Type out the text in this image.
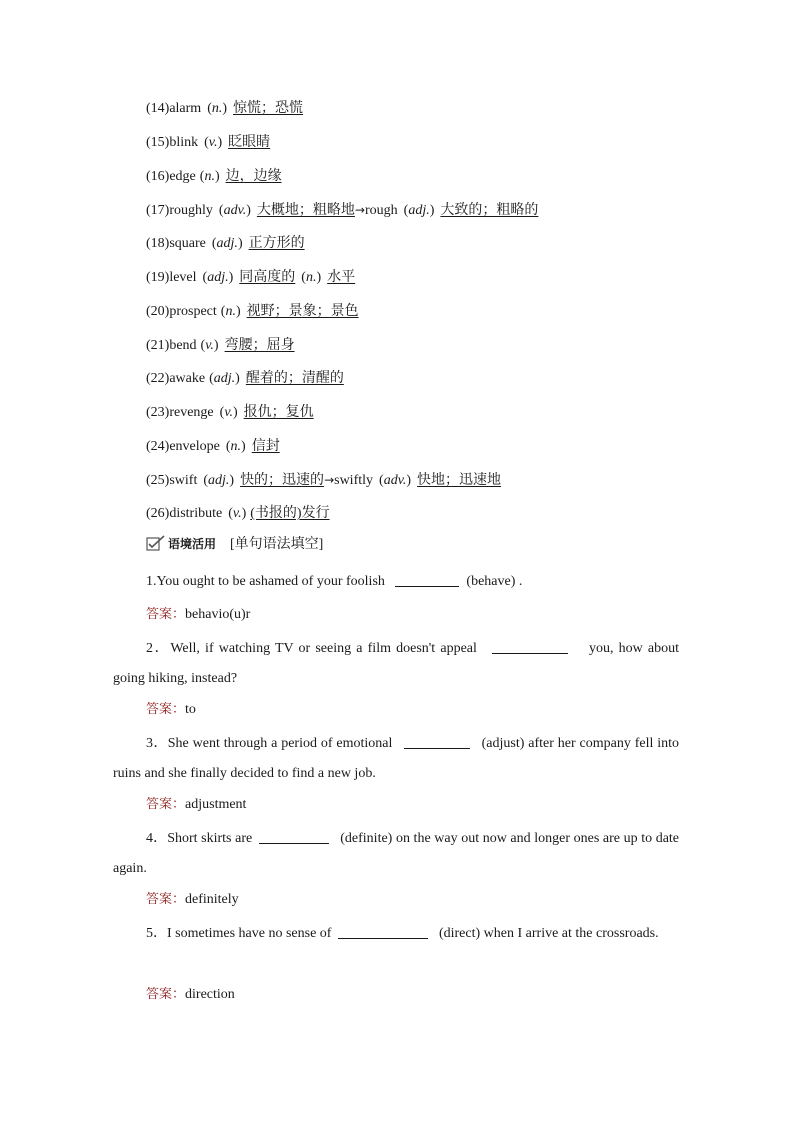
(14)alarm (n.) 惊慌；恐慌
(15)blink (v.) 眨眼睛
(16)edge (n.) 边，边缘
(17)roughly (adv.) 大概地；粗略地→rough (adj.) 大致的；粗略的
(18)square (adj.) 正方形的
(19)level (adj.) 同高度的 (n.) 水平
(20)prospect (n.) 视野；景象；景色
(21)bend (v.) 弯腰；屈身
(22)awake (adj.) 醒着的；清醒的
(23)revenge (v.) 报仇；复仇
(24)envelope (n.) 信封
(25)swift (adj.) 快的；迅速的→swiftly (adv.) 快地；迅速地
(26)distribute (v.) (书报的)发行
语境活用 [单句语法填空]
1.You ought to be ashamed of your foolish	(behave) .
答案：behavio(u)r
2．Well, if watching TV or seeing a film doesn't appeal	you, how about going hiking, instead?
答案：to
3．She went through a period of emotional	(adjust) after her company fell into ruins and she finally decided to find a new job.
答案：adjustment
4．Short skirts are	(definite) on the way out now and longer ones are up to date again.
答案：definitely
5．I sometimes have no sense of	(direct) when I arrive at the crossroads.
答案：direction
